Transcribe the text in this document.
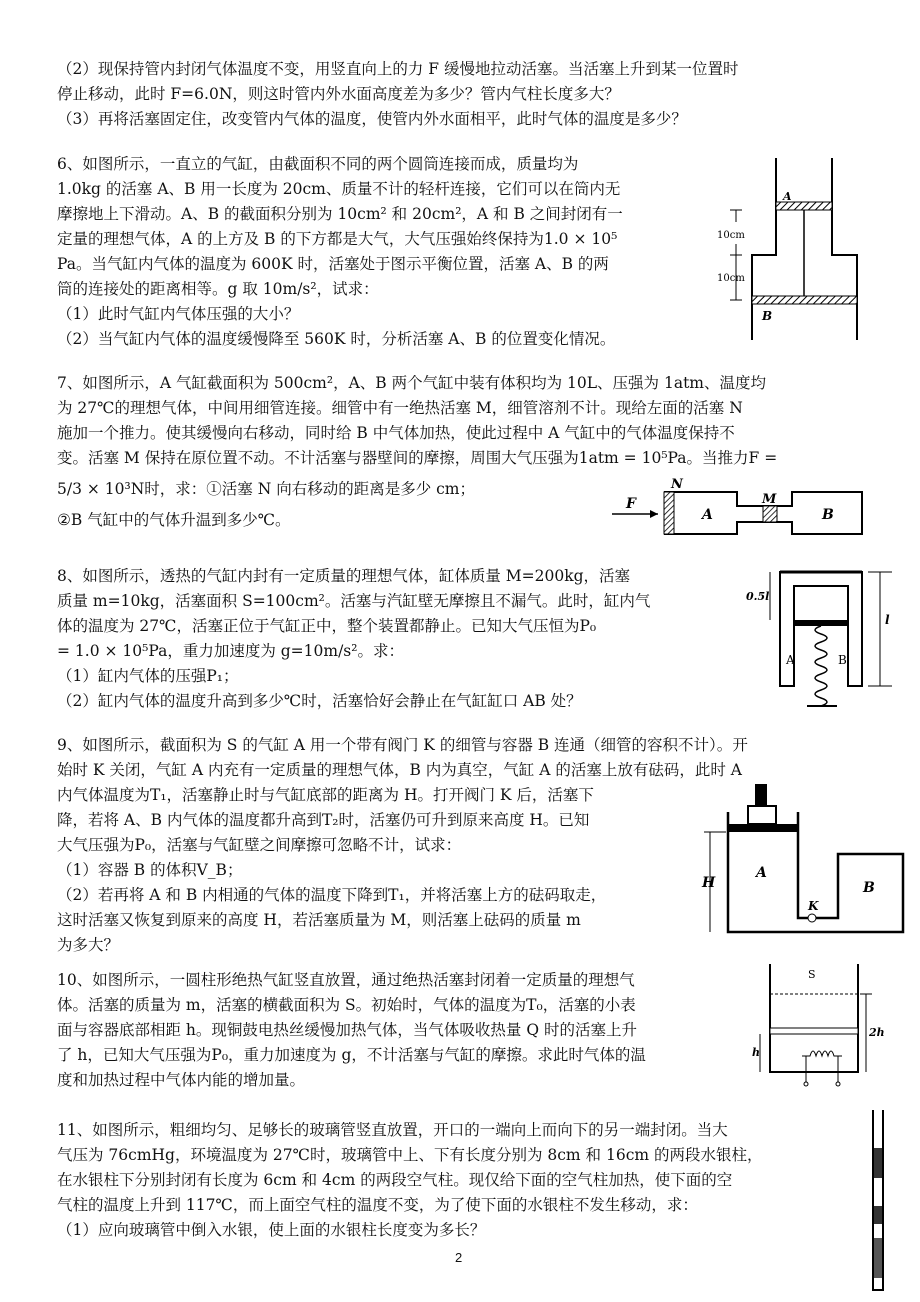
（2）现保持管内封闭气体温度不变，用竖直向上的力 F 缓慢地拉动活塞。当活塞上升到某一位置时
停止移动，此时 F=6.0N，则这时管内外水面高度差为多少？管内气柱长度多大？
（3）再将活塞固定住，改变管内气体的温度，使管内外水面相平，此时气体的温度是多少？
6、如图所示，一直立的气缸，由截面积不同的两个圆筒连接而成，质量均为
1.0kg 的活塞 A、B 用一长度为 20cm、质量不计的轻杆连接，它们可以在筒内无
摩擦地上下滑动。A、B 的截面积分别为 10cm² 和 20cm²，A 和 B 之间封闭有一
定量的理想气体，A 的上方及 B 的下方都是大气，大气压强始终保持为1.0 × 10⁵
Pa。当气缸内气体的温度为 600K 时，活塞处于图示平衡位置，活塞 A、B 的两
筒的连接处的距离相等。g 取 10m/s²，试求：
（1）此时气缸内气体压强的大小？
（2）当气缸内气体的温度缓慢降至 560K 时，分析活塞 A、B 的位置变化情况。
A
B
10cm
10cm
7、如图所示，A 气缸截面积为 500cm²，A、B 两个气缸中装有体积均为 10L、压强为 1atm、温度均
为 27℃的理想气体，中间用细管连接。细管中有一绝热活塞 M，细管溶剂不计。现给左面的活塞 N
施加一个推力。使其缓慢向右移动，同时给 B 中气体加热，使此过程中 A 气缸中的气体温度保持不
变。活塞 M 保持在原位置不动。不计活塞与器壁间的摩擦，周围大气压强为1atm = 10⁵Pa。当推力F =
5/3 × 10³N时，求：①活塞 N 向右移动的距离是多少 cm；
②B 气缸中的气体升温到多少℃。
F
N
M
A	B
8、如图所示，透热的气缸内封有一定质量的理想气体，缸体质量 M=200kg，活塞
质量 m=10kg，活塞面积 S=100cm²。活塞与汽缸壁无摩擦且不漏气。此时，缸内气
体的温度为 27℃，活塞正位于气缸正中，整个装置都静止。已知大气压恒为P₀
= 1.0 × 10⁵Pa，重力加速度为 g=10m/s²。求：
（1）缸内气体的压强P₁；
（2）缸内气体的温度升高到多少℃时，活塞恰好会静止在气缸缸口 AB 处？
A	B
0.5l
l
9、如图所示，截面积为 S 的气缸 A 用一个带有阀门 K 的细管与容器 B 连通（细管的容积不计）。开
始时 K 关闭，气缸 A 内充有一定质量的理想气体，B 内为真空，气缸 A 的活塞上放有砝码，此时 A
内气体温度为T₁，活塞静止时与气缸底部的距离为 H。打开阀门 K 后，活塞下
降，若将 A、B 内气体的温度都升高到T₂时，活塞仍可升到原来高度 H。已知
大气压强为P₀，活塞与气缸壁之间摩擦可忽略不计，试求：
（1）容器 B 的体积V_B；
（2）若再将 A 和 B 内相通的气体的温度下降到T₁，并将活塞上方的砝码取走，
这时活塞又恢复到原来的高度 H，若活塞质量为 M，则活塞上砝码的质量 m
为多大？
K
A
B
H
10、如图所示，一圆柱形绝热气缸竖直放置，通过绝热活塞封闭着一定质量的理想气
体。活塞的质量为 m，活塞的横截面积为 S。初始时，气体的温度为T₀，活塞的小表
面与容器底部相距 h。现铜鼓电热丝缓慢加热气体，当气体吸收热量 Q 时的活塞上升
了 h，已知大气压强为P₀，重力加速度为 g，不计活塞与气缸的摩擦。求此时气体的温
度和加热过程中气体内能的增加量。
S
h
2h
11、如图所示，粗细均匀、足够长的玻璃管竖直放置，开口的一端向上而向下的另一端封闭。当大
气压为 76cmHg，环境温度为 27℃时，玻璃管中上、下有长度分别为 8cm 和 16cm 的两段水银柱，
在水银柱下分别封闭有长度为 6cm 和 4cm 的两段空气柱。现仅给下面的空气柱加热，使下面的空
气柱的温度上升到 117℃，而上面空气柱的温度不变，为了使下面的水银柱不发生移动，求：
（1）应向玻璃管中倒入水银，使上面的水银柱长度变为多长？
2
